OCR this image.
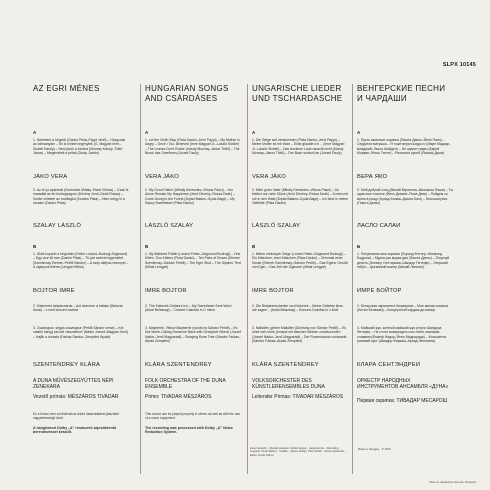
SLPX 10145
AZ EGRI MÉNES
A
1.Nekiment a hegedű (Dankó Pista–Pappi Jenő) – Húzgcsák az ódesanyám – Én is hiriben legénylek (G. Magyari Imre–Sicidel Károly) – Nem járok a fonóba (Monvay Károly–Tüttő János) – Megénekelt a pétak (Dsoly Józsfo)
JÁKO VERA
2.Az én jó apámnál (Keresztes Mihály–Pászi Vilmos) – Csak te maradtál az én boldogságom (Dévény Jenő–Deák Rossa) – Szeke veletem az ecsillagtól (Kovács Pista) – Nem megy ki a rózsám (Dankó Pista)
SZALAY LÁSZLÓ
B
1.Útótt-koportó a hegedűm (Fetter Lóránd–Bodrogi Zsigmond) – Egy vice kit vice (Dankó Pista) – Tü pár szétvet egyenként (Szentirmay Elemér–Petőfi Sándor) – A szép alléj/az mennyei – A cigányok létene (Lengyel Mihai)
BOJTOR IMRE
2.Kiskeretet betyárcsárda – Azt üzenmre a babám (Belavar Antal) – c-moll koncert csárda
3.Csavlogsúr, sirgya csavlogsúr (Petőfi Sándor verse) – Kér valahit hanyg szívvel visszaelemi (Nádor József–Magyari Jenő) – Hajlik a rózsafa (Farkas Sándor–Zempléni Árpád)
SZENTENDREY KLÁRA
A DUNA MŰVÉSZEGYÜTTES NÉPI ZENEKARA
Vezető prímás: MÉSZÁROS TIVADAR
Ez a lemez nem színháfonikus leírás használatával játszható nagysebességű tűvel.
A hanglemezt Dolby „A” rendszerű zajcsökkentő berendezéssel készült.
HUNGARIAN SONGS AND CSÁRDÁSES
A
1.Let the Violin Stop (Pista Dankó–Jenő Pappi) – My Mother is Angry – Once I Too, Believed (Imre Magyari Jr.–László Sicidel) – The Leaves Don't Rustle (Károly Monvay–János Tüttő) – The Brook has Overflown (József Dsoly)
VERA JÁKO
2.My Good Father (Mihály Keresztes–Vilmos Pászi) – You Alone Remain My Happiness (Jenő Dévény–Rózsa Deák) – Come Along to the Forest (Árpád Balázs–Gyula Bagó) – My Saucy Sweetheart (Pista Dankó)
LÁSZLÓ SZALAY
B
1.My Battered Fiddle (Lóránd Fetter–Zsigmond Bodrogi) – One Kitten, Two Kittens (Pista Dankó) – Ten Pairs of Kisses (Elemér Szentirmay–Sándor Petőfi) – The Eger Stud – The Gipsies' Tent (Mihai Lengyel)
IMRE BOJTOR
2.The Kiskerek Outlaw's Inn – My Sweetheart Sent Word (Antal Belazsay) – Concert Csárdás in C minor
3.Mayberrie, Yellow Mayberrie (words by Sándor Petőfi) – It's Not Worth Calling Someone Back with Deceptive Words (József Nádor–Jenő Magyarádi) – Swaying Rose Tree (Sándor Farkas–Árpád Zempléni)
KLÁRA SZENTENDREY
FOLK ORCHESTRA OF THE DUNA ENSEMBLE
Primo: TIVADAR MÉSZÁROS
This record can be played properly in stereo as well as with the use of a mono equipment.
The recording was processed with Dolby „A” Noise Reduction System.
UNGARISCHE LIEDER UND TSCHARDASCHE
A
1.Die Geige soll verstummen (Pista Dankó–Jenő Pappi) – Meine Mutter ist mir böse – Einst glaubte ich ... (Imre Magyari Jr.–László Sicidel) – Das trockene Laub rauscht nicht (Károly Monvay–János Tüttő) – Der Bach schwoll an (József Dsoly)
VERA JÁKO
2.Mein guter Vater (Mihály Keresztes–Vilmos Pászi) – Du bleibst nur mein Glück (Jenő Dévény–Rózsa Deák) – Komm mit mir in den Wald (Árpád Balázs–Gyula Bagó) – Ich fand in meine Geliebte (Pista Dankó)
LÁSZLÓ SZALAY
B
1.Meine zerlumpte Geige (Lóránt Fetter–Zsigmond Bodrogi) – Ein Kätzchen, zwei Kätzchen (Pista Dankó) – Zehnmal zehn Küsse (Elemér Szentirmay–Sándor Petőfi) – Das Egerer Gestüt von Eger – Das Zelt der Zigeuner (Mihai Lengyel)
IMRE BOJTOR
2.Die Betyárenschenke von Kiskerek – Meine Geliebte liess mir sagen... (Antal Belazsay) – Konzert-Csárdás in c-Moll
3.Maikäfer, gelber Maikäfer (Dichtung von Sándor Petőfi) – Es lohnt sich nicht, jemand mit falschen Worten zurückzurufen (József Nádor–Jenő Magyarádi) – Der Rosenstrauch schwankt (Sándor Farkas–Árpád Zempléni)
KLÁRA SZENTENDREY
VOLKSORCHESTER DES KÜNSTLERENSEMBLES DUNA
Leitender Primas: TIVADAR MÉSZÁROS
ВЕНГЕРСКИЕ ПЕСНИ И ЧАРДАШИ
А
1.Пусть замолчит скрипка (Пишта Данко–Йено Папп) – Сердится матушка – Я тоже верил когда-то (Имре Мадьяр-младший–Ласло Шайдел) – Не шумят травы (Карой Морван–Янош Тютте) – Разлился ручей (Йожеф Дшои)
ВЕРА ЯКО
2.Мой добрый отец (Михай Керестеш–Вильмош Паши) – Ты одна мое счастье (Йено Деване–Рожа Деак) – Пойдем со мною в рощу (Арпад Балаж–Дьюла Баго) – Моя шалунья (Пишта Данко)
ЛАСЛО САЛАИ
Б
1.Потрепаная моя скрипка (Лоранд Фэттер–Жигмонд Бодроги) – Мурка раз мурка два (Пишта Данко) – Поцелуй десять (Элемер Сентирмаи–Шандор Петефи) – Эгерский табун – Цыганский шатер (Михай Ленгьел)
ИМРЕ БОЙТОР
2.Бетярская харчевня в Кишкереке – Мое милая сказала (Антал Белажаи) – Концертный чардаш до-минор
3.Майский жук, желтый майский жук (стихи Шандора Петефи) – Не стоит возвращать кого-либо ложными словами (Йожеф Надор–Йено Мадьяради) – Колышется розовый куст (Шандор Фаркаш–Арпад Земплени)
КЛАРА СЕНТЭНДРЕИ
ОРКЕСТР НАРОДНЫХ ИНСТРУМЕНТОВ АНСАМБЛЯ «ДУНА»
Первая скрипка: ТИВАДАР МЕСАРОШ
Zenei rendező – Musical producer: Zoltán Hegyei · Hangmérnök – Recording engineer: István Belinyi · Grafika – Sleeve design: Tibor Szabó · Zenei szerkesztő – Editor: Gyula Szőnyi
Made in Hungary · P 1976
Offset és Játékkártya Nyomda, Budapest
